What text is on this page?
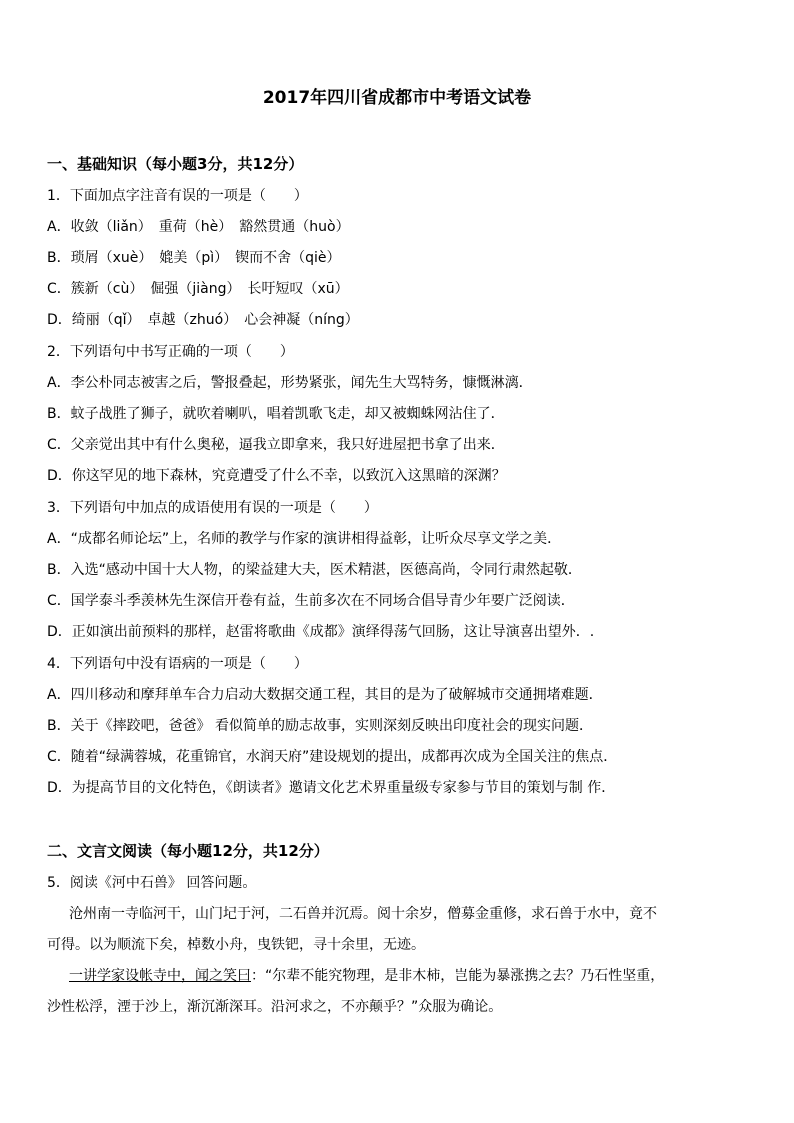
2017年四川省成都市中考语文试卷
一、基础知识（每小题3分，共12分）
1．下面加点字注音有误的一项是（　　）
A．收敛（liǎn）　重荷（hè）　豁然贯通（huò）
B．琐屑（xuè）　媲美（pì）　锲而不舍（qiè）
C．簇新（cù）　倔强（jiàng）　长吁短叹（xū）
D．绮丽（qǐ）　卓越（zhuó）　心会神凝（níng）
2．下列语句中书写正确的一项（　　）
A．李公朴同志被害之后，警报叠起，形势紧张，闻先生大骂特务，慷慨淋漓．
B．蚊子战胜了狮子，就吹着喇叭，唱着凯歌飞走，却又被蜘蛛网沾住了．
C．父亲觉出其中有什么奥秘，逼我立即拿来，我只好进屋把书拿了出来．
D．你这罕见的地下森林，究竟遭受了什么不幸，以致沉入这黑暗的深渊？
3．下列语句中加点的成语使用有误的一项是（　　）
A．“成都名师论坛”上，名师的教学与作家的演讲相得益彰，让听众尽享文学之美．
B．入选“感动中国十大人物，的梁益建大夫，医术精湛，医德高尚，令同行肃然起敬．
C．国学泰斗季羡林先生深信开卷有益，生前多次在不同场合倡导青少年要广泛阅读．
D．正如演出前预料的那样，赵雷将歌曲《成都》演绎得荡气回肠，这让导演喜出望外．.
4．下列语句中没有语病的一项是（　　）
A．四川移动和摩拜单车合力启动大数据交通工程，其目的是为了破解城市交通拥堵难题．
B．关于《摔跤吧，爸爸》 看似简单的励志故事，实则深刻反映出印度社会的现实问题．
C．随着“绿满蓉城，花重锦官，水润天府”建设规划的提出，成都再次成为全国关注的焦点．
D．为提高节目的文化特色，《朗读者》邀请文化艺术界重量级专家参与节目的策划与制 作．
二、文言文阅读（每小题12分，共12分）
5．阅读《河中石兽》 回答问题。
沧州南一寺临河干，山门圮于河，二石兽并沉焉。阅十余岁，僧募金重修，求石兽于水中，竟不
可得。以为顺流下矣，棹数小舟，曳铁钯，寻十余里，无迹。
一讲学家设帐寺中，闻之笑曰：“尔辈不能究物理，是非木柿，岂能为暴涨携之去？乃石性坚重，
沙性松浮，湮于沙上，渐沉渐深耳。沿河求之，不亦颠乎？”众服为确论。
